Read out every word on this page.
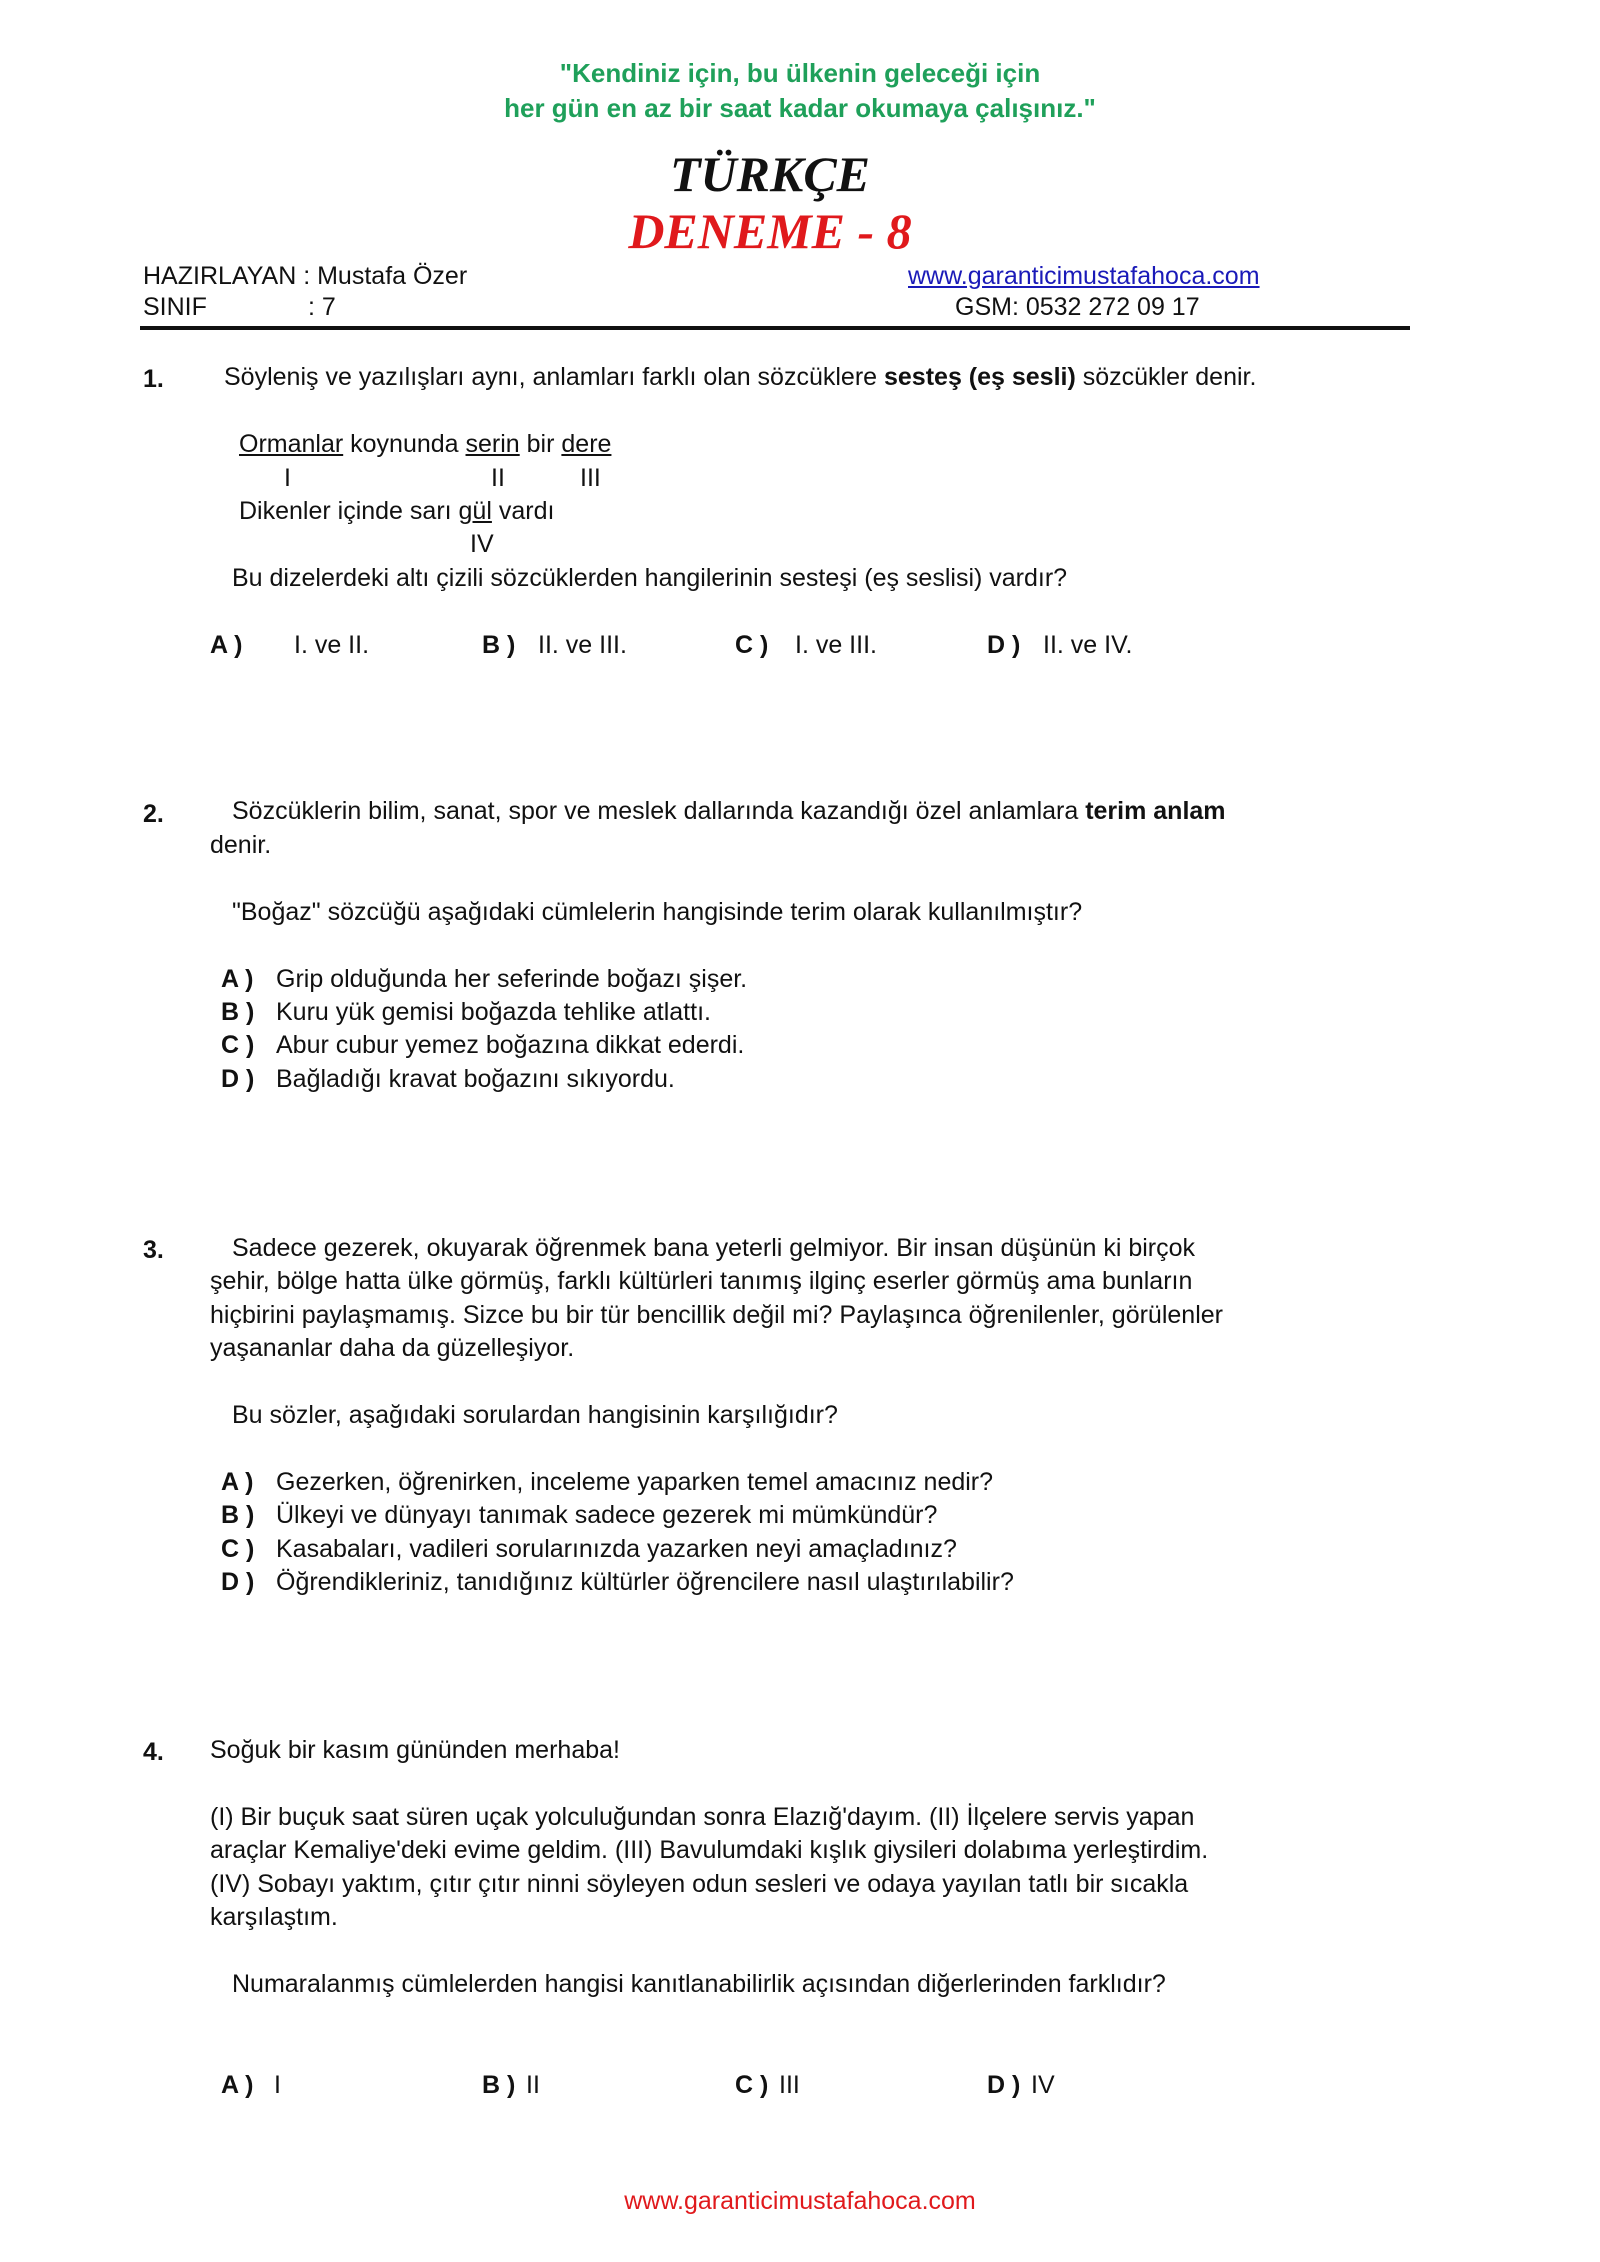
"Kendiniz için, bu ülkenin geleceği için
her gün en az bir saat kadar okumaya çalışınız."
TÜRKÇE
DENEME - 8
HAZIRLAYAN : Mustafa Özer	www.garanticimustafahoca.com
SINIF	: 7	GSM: 0532 272 09 17
1. Söyleniş ve yazılışları aynı, anlamları farklı olan sözcüklere sesteş (eş sesli) sözcükler denir.
Ormanlar koynunda serin bir dere
I	II	III
Dikenler içinde sarı gül vardı
IV
Bu dizelerdeki altı çizili sözcüklerden hangilerinin sesteşi (eş seslisi) vardır?
A ) I. ve II.	B ) II. ve III.	C ) I. ve III.	D ) II. ve IV.
2.	Sözcüklerin bilim, sanat, spor ve meslek dallarında kazandığı özel anlamlara terim anlam
denir.
"Boğaz" sözcüğü aşağıdaki cümlelerin hangisinde terim olarak kullanılmıştır?
A ) Grip olduğunda her seferinde boğazı şişer.
B ) Kuru yük gemisi boğazda tehlike atlattı.
C ) Abur cubur yemez boğazına dikkat ederdi.
D ) Bağladığı kravat boğazını sıkıyordu.
3.	Sadece gezerek, okuyarak öğrenmek bana yeterli gelmiyor. Bir insan düşünün ki birçok
şehir, bölge hatta ülke görmüş, farklı kültürleri tanımış ilginç eserler görmüş ama bunların
hiçbirini paylaşmamış. Sizce bu bir tür bencillik değil mi? Paylaşınca öğrenilenler, görülenler
yaşananlar daha da güzelleşiyor.
Bu sözler, aşağıdaki sorulardan hangisinin karşılığıdır?
A ) Gezerken, öğrenirken, inceleme yaparken temel amacınız nedir?
B ) Ülkeyi ve dünyayı tanımak sadece gezerek mi mümkündür?
C ) Kasabaları, vadileri sorularınızda yazarken neyi amaçladınız?
D ) Öğrendikleriniz, tanıdığınız kültürler öğrencilere nasıl ulaştırılabilir?
4. Soğuk bir kasım gününden merhaba!
(I) Bir buçuk saat süren uçak yolculuğundan sonra Elazığ'dayım. (II) İlçelere servis yapan
araçlar Kemaliye'deki evime geldim. (III) Bavulumdaki kışlık giysileri dolabıma yerleştirdim.
(IV) Sobayı yaktım, çıtır çıtır ninni söyleyen odun sesleri ve odaya yayılan tatlı bir sıcakla
karşılaştım.
Numaralanmış cümlelerden hangisi kanıtlanabilirlik açısından diğerlerinden farklıdır?
A ) I	B ) II	C ) III	D ) IV
www.garanticimustafahoca.com
